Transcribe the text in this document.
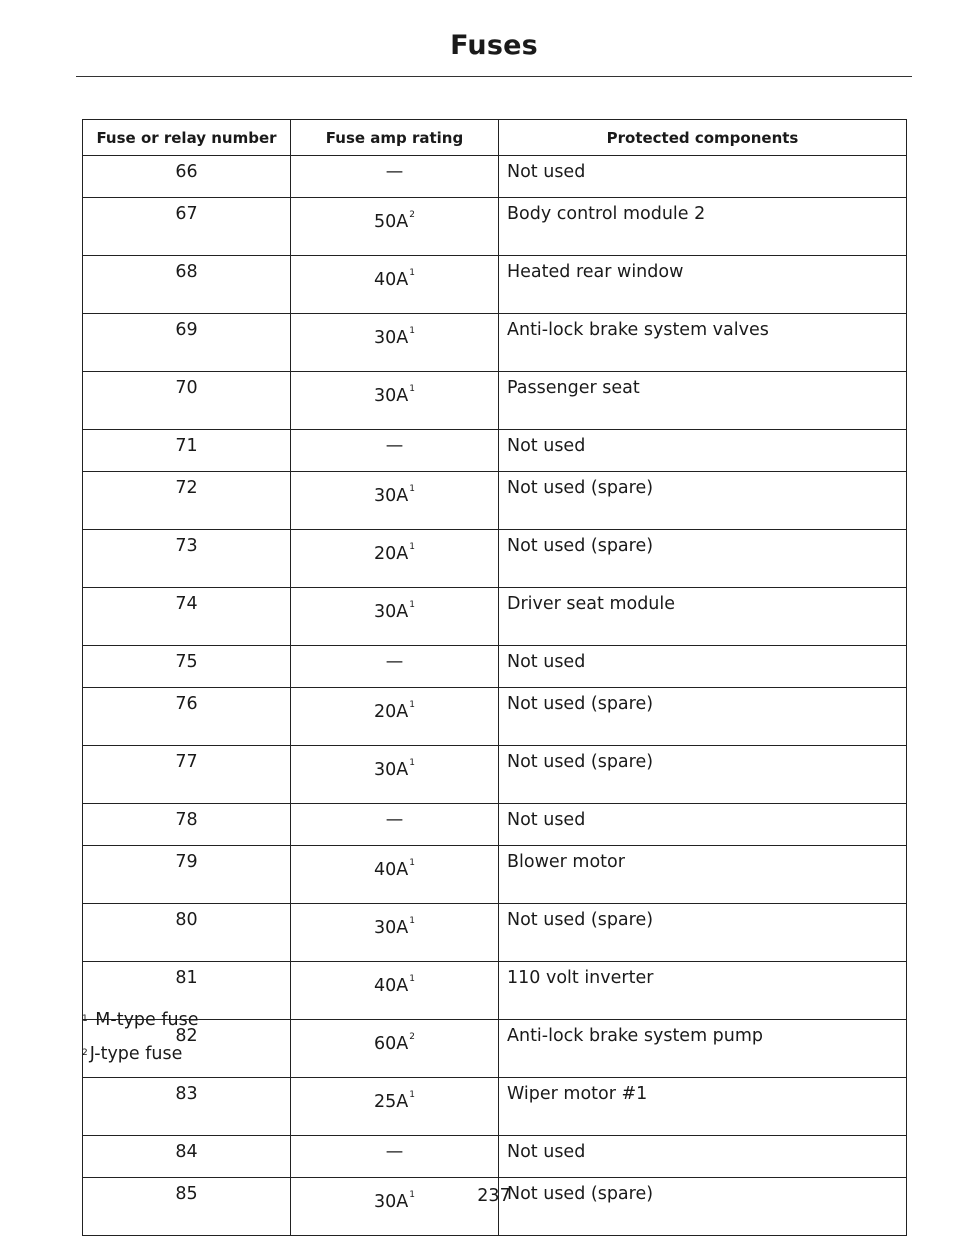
Fuses
Fuse or relay number	Fuse amp rating	Protected components
66	—	Not used
67	50A$^2$	Body control module 2
68	40A$^1$	Heated rear window
69	30A$^1$	Anti-lock brake system valves
70	30A$^1$	Passenger seat
71	—	Not used
72	30A$^1$	Not used (spare)
73	20A$^1$	Not used (spare)
74	30A$^1$	Driver seat module
75	—	Not used
76	20A$^1$	Not used (spare)
77	30A$^1$	Not used (spare)
78	—	Not used
79	40A$^1$	Blower motor
80	30A$^1$	Not used (spare)
81	40A$^1$	110 volt inverter
82	60A$^2$	Anti-lock brake system pump
83	25A$^1$	Wiper motor #1
84	—	Not used
85	30A$^1$	Not used (spare)
$^1$ M-type fuse
$^2$ J-type fuse
237
